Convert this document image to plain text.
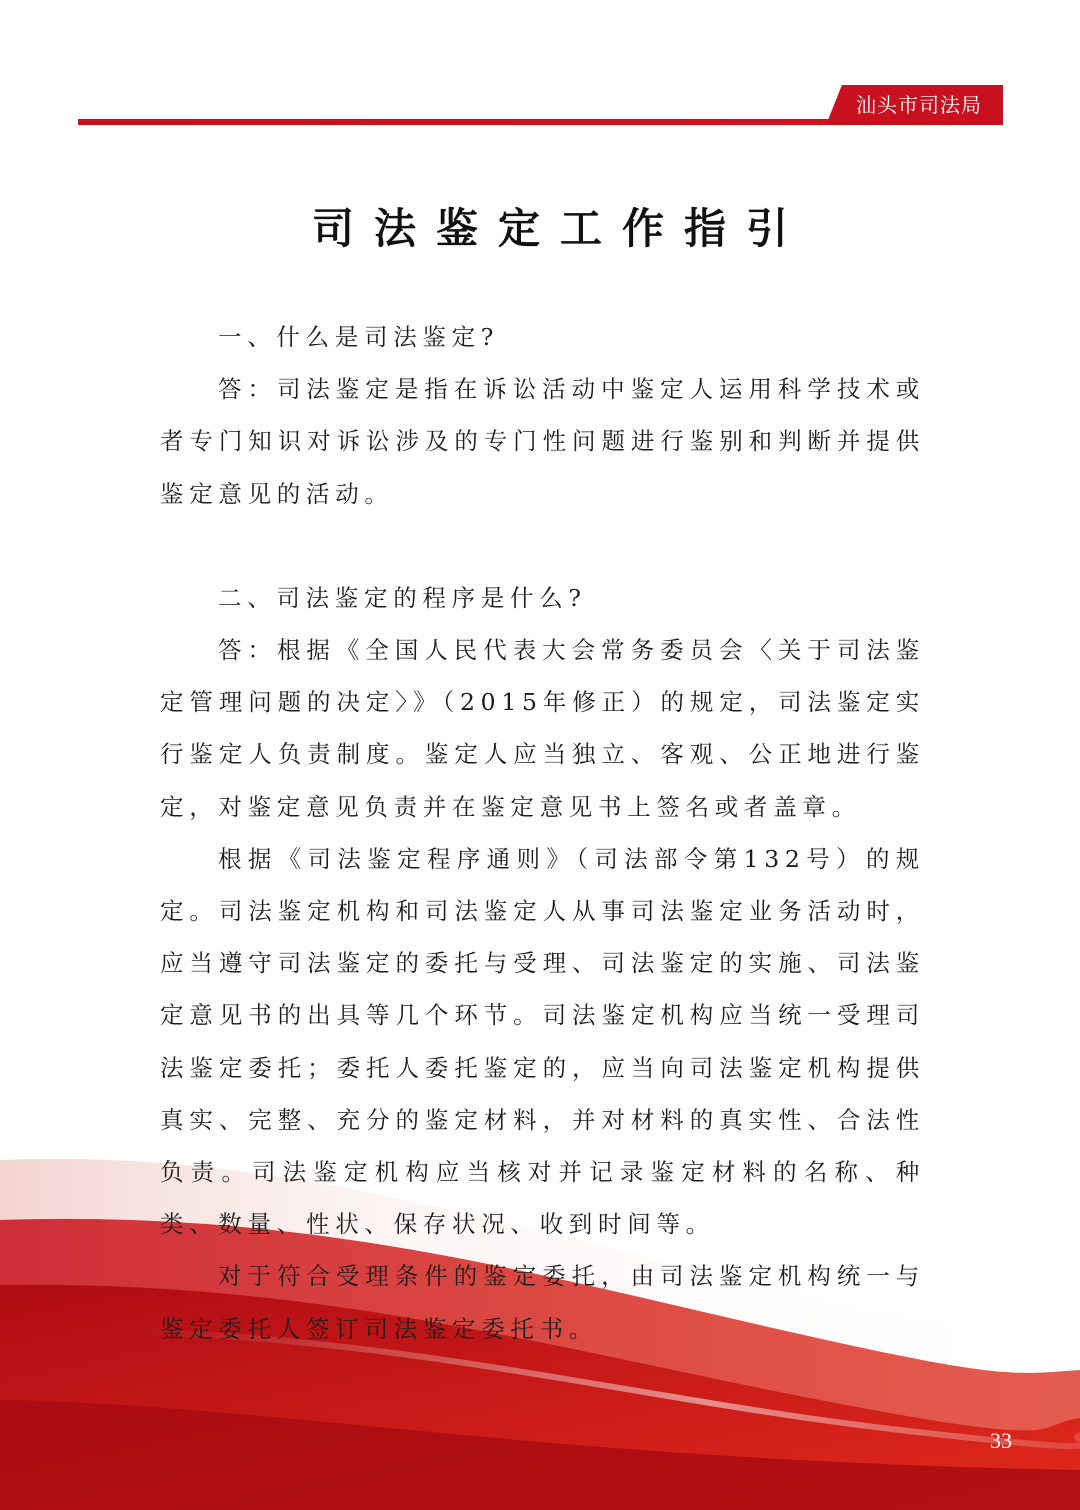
汕头市司法局
司法鉴定工作指引

一、什么是司法鉴定?

答：司法鉴定是指在诉讼活动中鉴定人运用科学技术或者专门知识对诉讼涉及的专门性问题进行鉴别和判断并提供鉴定意见的活动。

二、司法鉴定的程序是什么?

答：根据《全国人民代表大会常务委员会〈关于司法鉴定管理问题的决定〉》（2015年修正）的规定，司法鉴定实行鉴定人负责制度。鉴定人应当独立、客观、公正地进行鉴定，对鉴定意见负责并在鉴定意见书上签名或者盖章。

根据《司法鉴定程序通则》（司法部令第132号）的规定。司法鉴定机构和司法鉴定人从事司法鉴定业务活动时，应当遵守司法鉴定的委托与受理、司法鉴定的实施、司法鉴定意见书的出具等几个环节。司法鉴定机构应当统一受理司法鉴定委托；委托人委托鉴定的，应当向司法鉴定机构提供真实、完整、充分的鉴定材料，并对材料的真实性、合法性负责。司法鉴定机构应当核对并记录鉴定材料的名称、种类、数量、性状、保存状况、收到时间等。

对于符合受理条件的鉴定委托，由司法鉴定机构统一与鉴定委托人签订司法鉴定委托书。

33
